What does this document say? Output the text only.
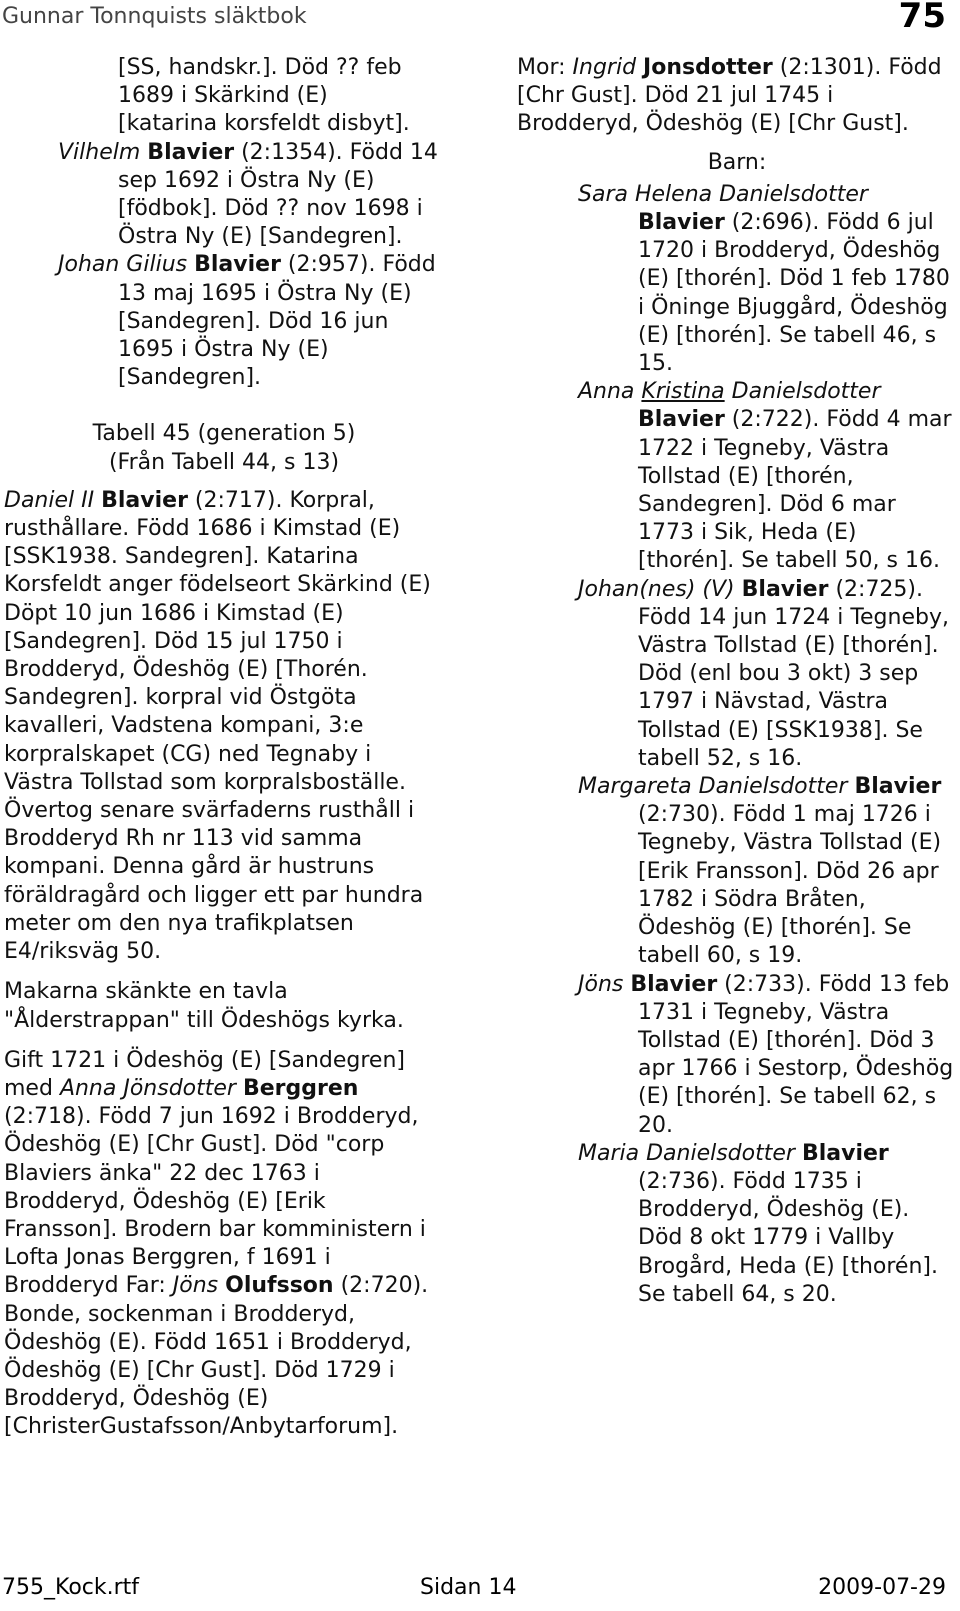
Gunnar Tonnquists släktbok	75
[SS, handskr.]. Död ?? feb
1689 i Skärkind (E)
[katarina korsfeldt disbyt].

Vilhelm Blavier (2:1354). Född 14 sep 1692 i Östra Ny (E) [födbok]. Död ?? nov 1698 i Östra Ny (E) [Sandegren].

Johan Gilius Blavier (2:957). Född 13 maj 1695 i Östra Ny (E) [Sandegren]. Död 16 jun 1695 i Östra Ny (E) [Sandegren].

Tabell 45 (generation 5)

(Från Tabell 44, s 13)

Daniel II Blavier (2:717). Korpral, rusthållare. Född 1686 i Kimstad (E) [SSK1938. Sandegren]. Katarina Korsfeldt anger födelseort Skärkind (E) Döpt 10 jun 1686 i Kimstad (E) [Sandegren]. Död 15 jul 1750 i Brodderyd, Ödeshög (E) [Thorén. Sandegren]. korpral vid Östgöta kavalleri, Vadstena kompani, 3:e korpralskapet (CG) ned Tegnaby i Västra Tollstad som korpralsboställe. Övertog senare svärfaderns rusthåll i Brodderyd Rh nr 113 vid samma kompani. Denna gård är hustruns föräldragård och ligger ett par hundra meter om den nya trafikplatsen E4/riksväg 50.

Makarna skänkte en tavla "Ålderstrappan" till Ödeshögs kyrka.

Gift 1721 i Ödeshög (E) [Sandegren] med Anna Jönsdotter Berggren (2:718). Född 7 jun 1692 i Brodderyd, Ödeshög (E) [Chr Gust]. Död "corp Blaviers änka" 22 dec 1763 i Brodderyd, Ödeshög (E) [Erik Fransson]. Brodern bar komministern i Lofta Jonas Berggren, f 1691 i Brodderyd Far: Jöns Olufsson (2:720). Bonde, sockenman i Brodderyd, Ödeshög (E). Född 1651 i Brodderyd, Ödeshög (E) [Chr Gust]. Död 1729 i Brodderyd, Ödeshög (E) [ChristerGustafsson/Anbytarforum].

Mor: Ingrid Jonsdotter (2:1301). Född [Chr Gust]. Död 21 jul 1745 i Brodderyd, Ödeshög (E) [Chr Gust].

Barn:

Sara Helena Danielsdotter Blavier (2:696). Född 6 jul 1720 i Brodderyd, Ödeshög (E) [thorén]. Död 1 feb 1780 i Öninge Bjuggård, Ödeshög (E) [thorén]. Se tabell 46, s 15.

Anna Kristina Danielsdotter Blavier (2:722). Född 4 mar 1722 i Tegneby, Västra Tollstad (E) [thorén, Sandegren]. Död 6 mar 1773 i Sik, Heda (E) [thorén]. Se tabell 50, s 16.

Johan(nes) (V) Blavier (2:725). Född 14 jun 1724 i Tegneby, Västra Tollstad (E) [thorén]. Död (enl bou 3 okt) 3 sep 1797 i Nävstad, Västra Tollstad (E) [SSK1938]. Se tabell 52, s 16.

Margareta Danielsdotter Blavier (2:730). Född 1 maj 1726 i Tegneby, Västra Tollstad (E) [Erik Fransson]. Död 26 apr 1782 i Södra Bråten, Ödeshög (E) [thorén]. Se tabell 60, s 19.

Jöns Blavier (2:733). Född 13 feb 1731 i Tegneby, Västra Tollstad (E) [thorén]. Död 3 apr 1766 i Sestorp, Ödeshög (E) [thorén]. Se tabell 62, s 20.

Maria Danielsdotter Blavier (2:736). Född 1735 i Brodderyd, Ödeshög (E). Död 8 okt 1779 i Vallby Brogård, Heda (E) [thorén]. Se tabell 64, s 20.

755_Kock.rtf	Sidan 14	2009-07-29
